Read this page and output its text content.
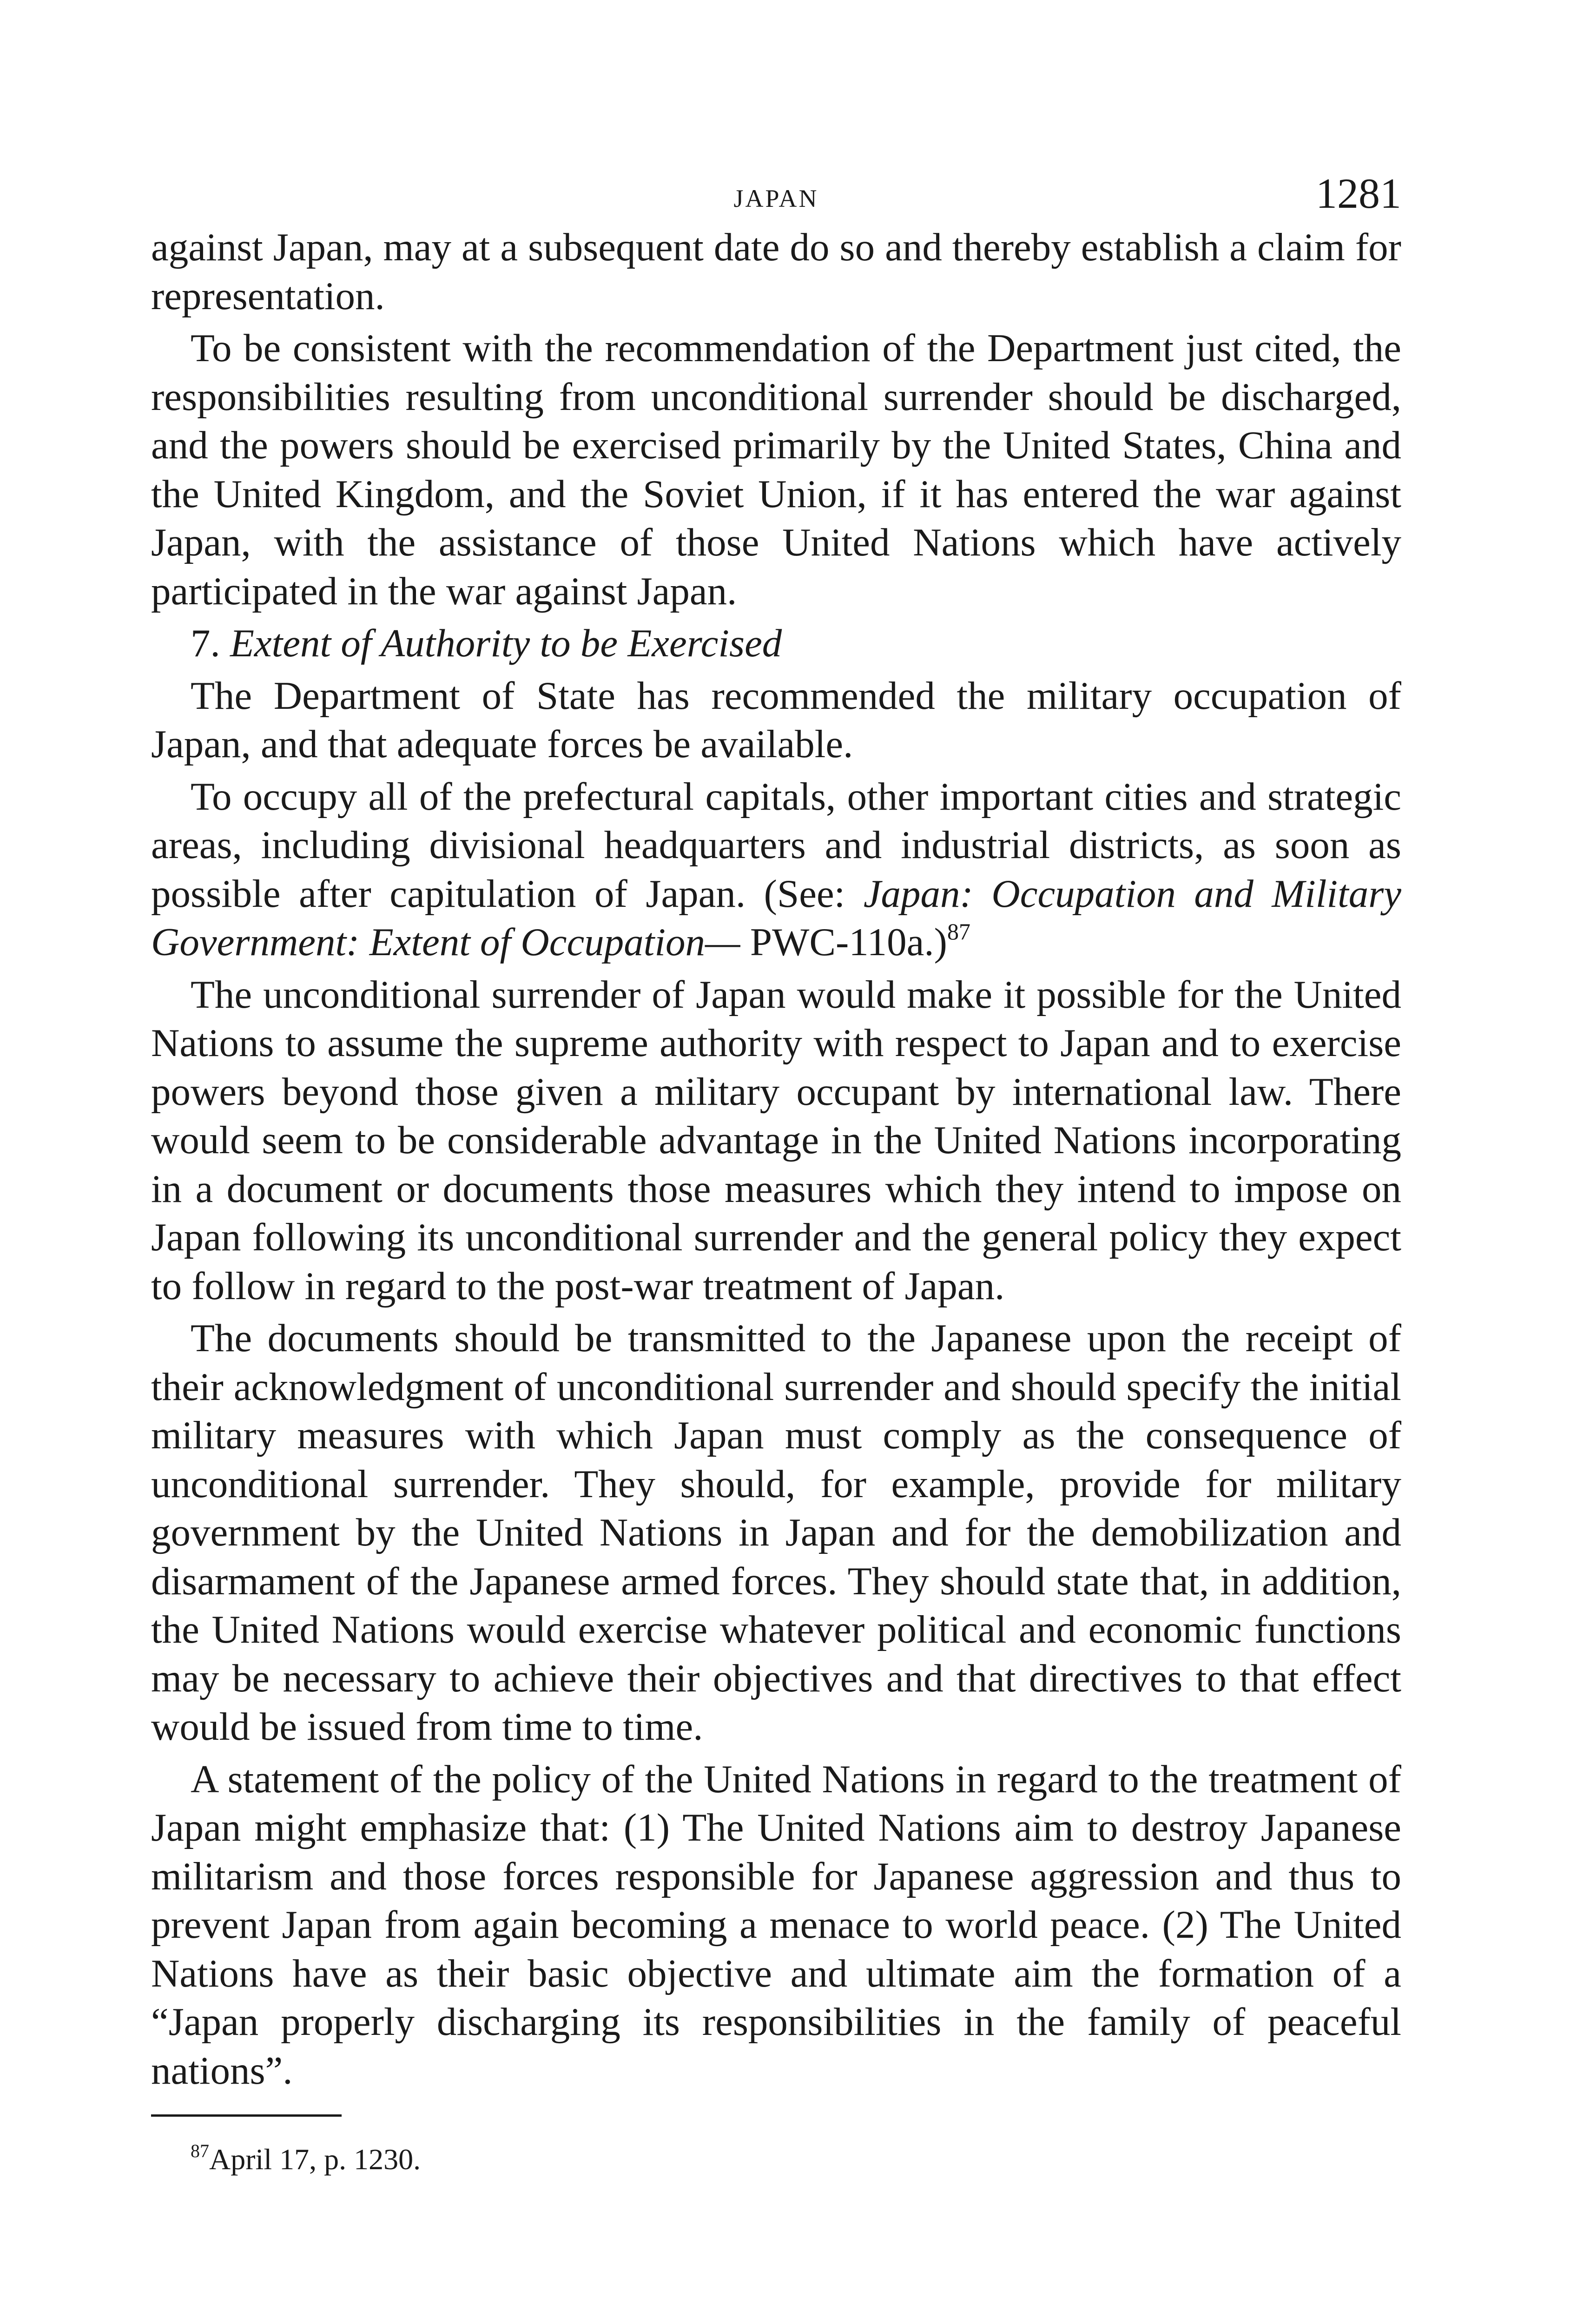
JAPAN	1281

against Japan, may at a subsequent date do so and thereby establish a claim for representation.

To be consistent with the recommendation of the Department just cited, the responsibilities resulting from unconditional surrender should be discharged, and the powers should be exercised primarily by the United States, China and the United Kingdom, and the Soviet Union, if it has entered the war against Japan, with the assistance of those United Nations which have actively participated in the war against Japan.

7. Extent of Authority to be Exercised

The Department of State has recommended the military occupation of Japan, and that adequate forces be available.

To occupy all of the prefectural capitals, other important cities and strategic areas, including divisional headquarters and industrial districts, as soon as possible after capitulation of Japan. (See: Japan: Occupation and Military Government: Extent of Occupation— PWC-110a.)$^{87}$

The unconditional surrender of Japan would make it possible for the United Nations to assume the supreme authority with respect to Japan and to exercise powers beyond those given a military occupant by international law. There would seem to be considerable advantage in the United Nations incorporating in a document or documents those measures which they intend to impose on Japan following its unconditional surrender and the general policy they expect to follow in regard to the post-war treatment of Japan.

The documents should be transmitted to the Japanese upon the receipt of their acknowledgment of unconditional surrender and should specify the initial military measures with which Japan must comply as the consequence of unconditional surrender. They should, for example, provide for military government by the United Nations in Japan and for the demobilization and disarmament of the Japanese armed forces. They should state that, in addition, the United Nations would exercise whatever political and economic functions may be necessary to achieve their objectives and that directives to that effect would be issued from time to time.

A statement of the policy of the United Nations in regard to the treatment of Japan might emphasize that: (1) The United Nations aim to destroy Japanese militarism and those forces responsible for Japanese aggression and thus to prevent Japan from again becoming a menace to world peace. (2) The United Nations have as their basic objective and ultimate aim the formation of a “Japan properly discharging its responsibilities in the family of peaceful nations”.

$^{87}$April 17, p. 1230.
